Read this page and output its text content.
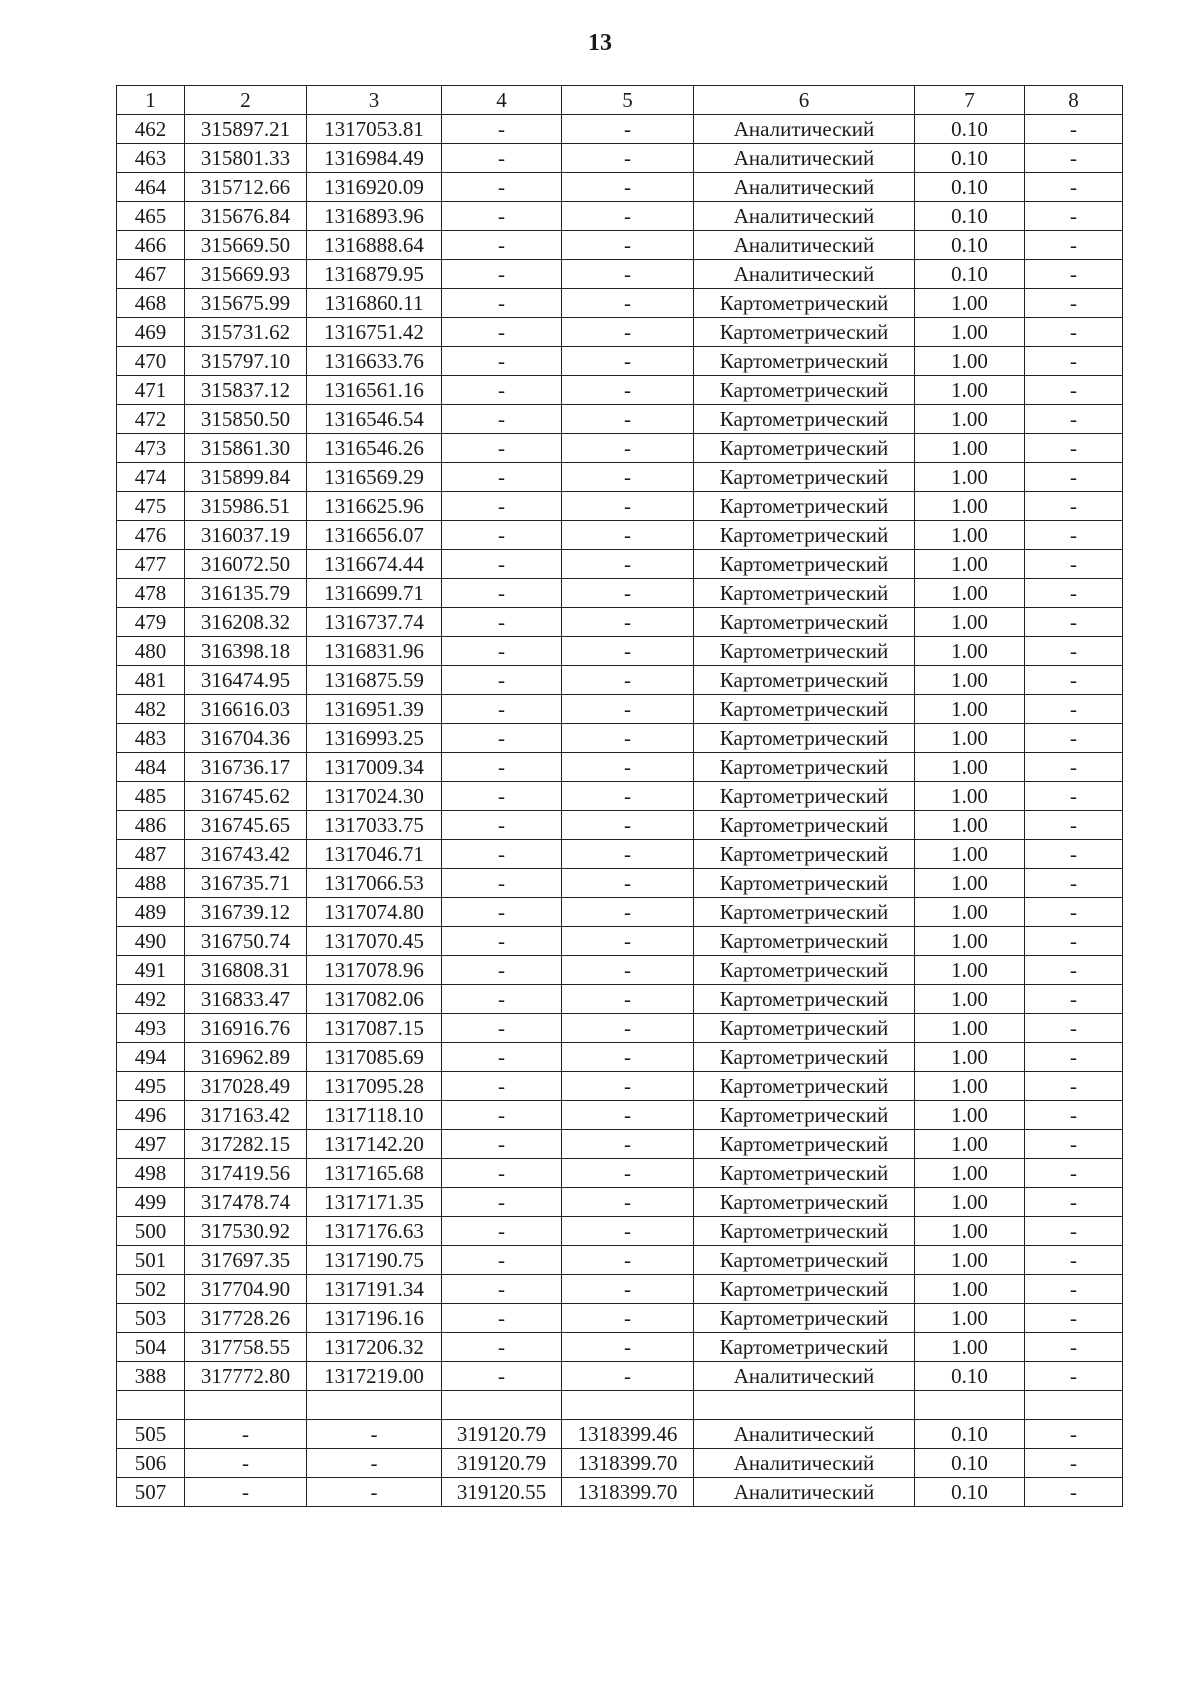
13
1	2	3	4	5	6	7	8
462	315897.21	1317053.81	-	-	Аналитический	0.10	-
463	315801.33	1316984.49	-	-	Аналитический	0.10	-
464	315712.66	1316920.09	-	-	Аналитический	0.10	-
465	315676.84	1316893.96	-	-	Аналитический	0.10	-
466	315669.50	1316888.64	-	-	Аналитический	0.10	-
467	315669.93	1316879.95	-	-	Аналитический	0.10	-
468	315675.99	1316860.11	-	-	Картометрический	1.00	-
469	315731.62	1316751.42	-	-	Картометрический	1.00	-
470	315797.10	1316633.76	-	-	Картометрический	1.00	-
471	315837.12	1316561.16	-	-	Картометрический	1.00	-
472	315850.50	1316546.54	-	-	Картометрический	1.00	-
473	315861.30	1316546.26	-	-	Картометрический	1.00	-
474	315899.84	1316569.29	-	-	Картометрический	1.00	-
475	315986.51	1316625.96	-	-	Картометрический	1.00	-
476	316037.19	1316656.07	-	-	Картометрический	1.00	-
477	316072.50	1316674.44	-	-	Картометрический	1.00	-
478	316135.79	1316699.71	-	-	Картометрический	1.00	-
479	316208.32	1316737.74	-	-	Картометрический	1.00	-
480	316398.18	1316831.96	-	-	Картометрический	1.00	-
481	316474.95	1316875.59	-	-	Картометрический	1.00	-
482	316616.03	1316951.39	-	-	Картометрический	1.00	-
483	316704.36	1316993.25	-	-	Картометрический	1.00	-
484	316736.17	1317009.34	-	-	Картометрический	1.00	-
485	316745.62	1317024.30	-	-	Картометрический	1.00	-
486	316745.65	1317033.75	-	-	Картометрический	1.00	-
487	316743.42	1317046.71	-	-	Картометрический	1.00	-
488	316735.71	1317066.53	-	-	Картометрический	1.00	-
489	316739.12	1317074.80	-	-	Картометрический	1.00	-
490	316750.74	1317070.45	-	-	Картометрический	1.00	-
491	316808.31	1317078.96	-	-	Картометрический	1.00	-
492	316833.47	1317082.06	-	-	Картометрический	1.00	-
493	316916.76	1317087.15	-	-	Картометрический	1.00	-
494	316962.89	1317085.69	-	-	Картометрический	1.00	-
495	317028.49	1317095.28	-	-	Картометрический	1.00	-
496	317163.42	1317118.10	-	-	Картометрический	1.00	-
497	317282.15	1317142.20	-	-	Картометрический	1.00	-
498	317419.56	1317165.68	-	-	Картометрический	1.00	-
499	317478.74	1317171.35	-	-	Картометрический	1.00	-
500	317530.92	1317176.63	-	-	Картометрический	1.00	-
501	317697.35	1317190.75	-	-	Картометрический	1.00	-
502	317704.90	1317191.34	-	-	Картометрический	1.00	-
503	317728.26	1317196.16	-	-	Картометрический	1.00	-
504	317758.55	1317206.32	-	-	Картометрический	1.00	-
388	317772.80	1317219.00	-	-	Аналитический	0.10	-

505	-	-	319120.79	1318399.46	Аналитический	0.10	-
506	-	-	319120.79	1318399.70	Аналитический	0.10	-
507	-	-	319120.55	1318399.70	Аналитический	0.10	-
